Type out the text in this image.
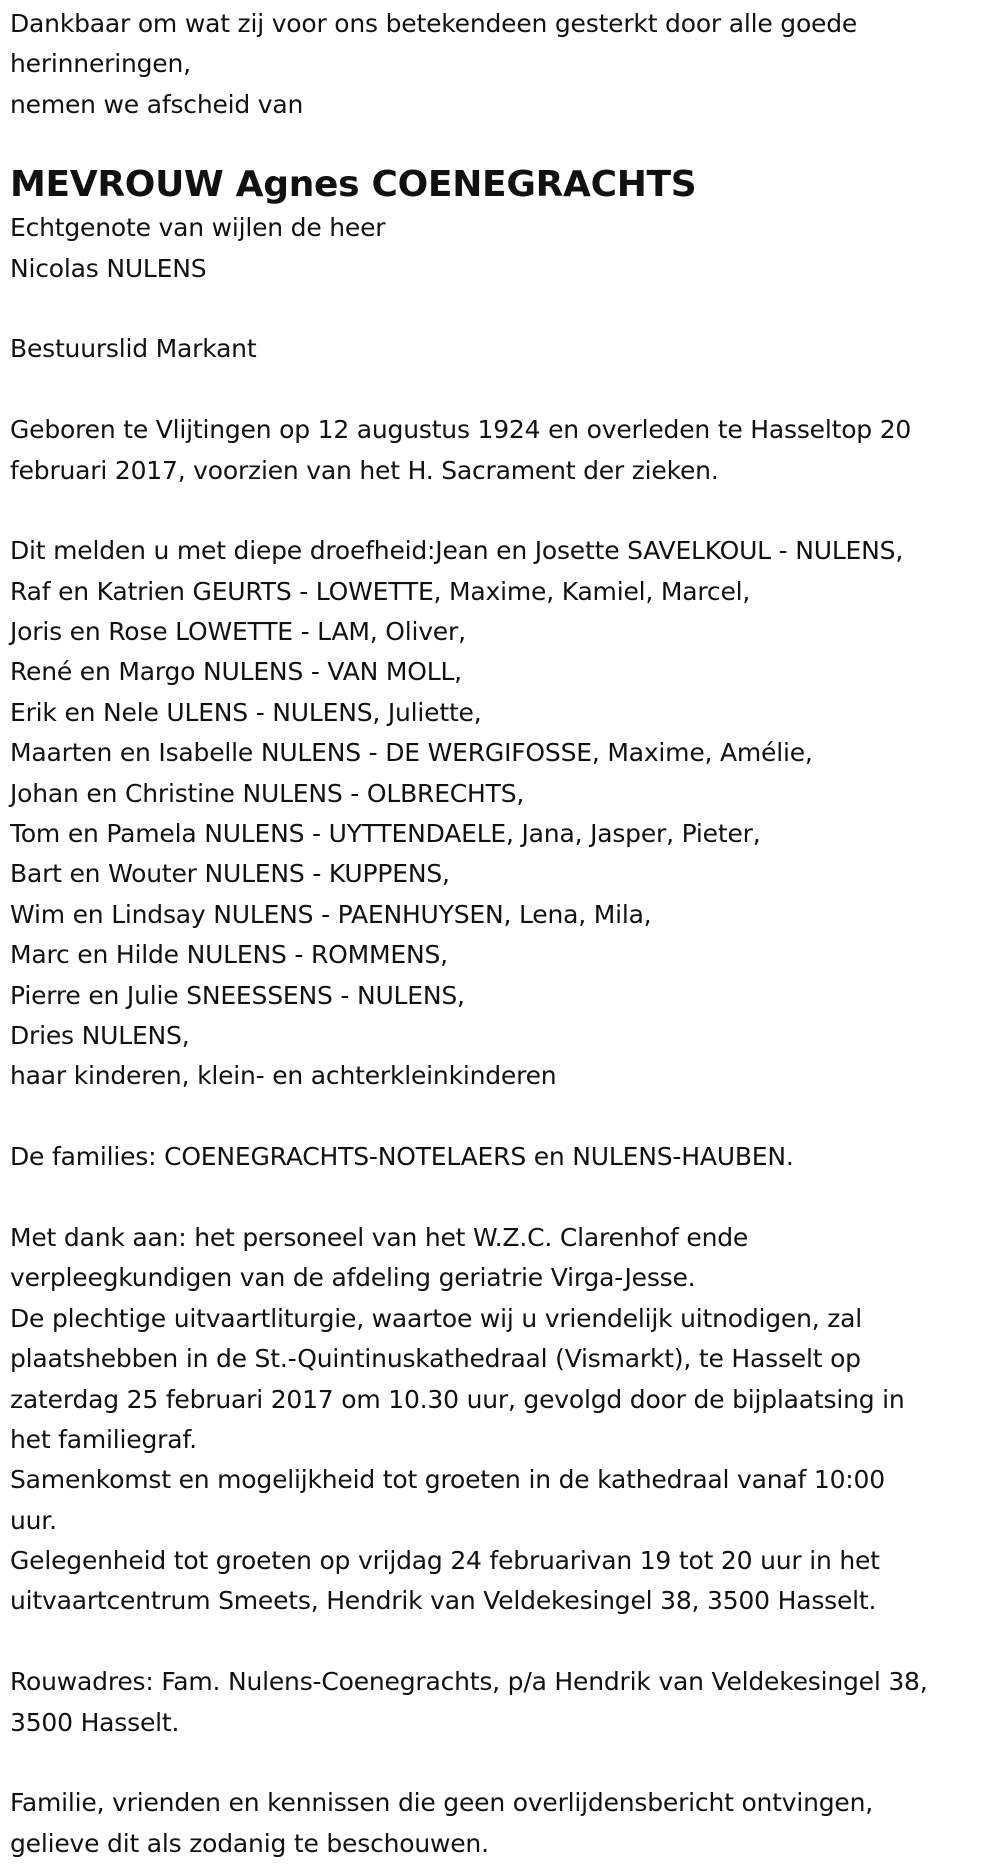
Dankbaar om wat zij voor ons betekendeen gesterkt door alle goede
herinneringen,
nemen we afscheid van
MEVROUW Agnes COENEGRACHTS
Echtgenote van wijlen de heer
Nicolas NULENS
Bestuurslid Markant
Geboren te Vlijtingen op 12 augustus 1924 en overleden te Hasseltop 20
februari 2017, voorzien van het H. Sacrament der zieken.
Dit melden u met diepe droefheid:Jean en Josette SAVELKOUL - NULENS,
Raf en Katrien GEURTS - LOWETTE, Maxime, Kamiel, Marcel,
Joris en Rose LOWETTE - LAM, Oliver,
René en Margo NULENS - VAN MOLL,
Erik en Nele ULENS - NULENS, Juliette,
Maarten en Isabelle NULENS - DE WERGIFOSSE, Maxime, Amélie,
Johan en Christine NULENS - OLBRECHTS,
Tom en Pamela NULENS - UYTTENDAELE, Jana, Jasper, Pieter,
Bart en Wouter NULENS - KUPPENS,
Wim en Lindsay NULENS - PAENHUYSEN, Lena, Mila,
Marc en Hilde NULENS - ROMMENS,
Pierre en Julie SNEESSENS - NULENS,
Dries NULENS,
haar kinderen, klein- en achterkleinkinderen
De families: COENEGRACHTS-NOTELAERS en NULENS-HAUBEN.
Met dank aan: het personeel van het W.Z.C. Clarenhof ende
verpleegkundigen van de afdeling geriatrie Virga-Jesse.
De plechtige uitvaartliturgie, waartoe wij u vriendelijk uitnodigen, zal
plaatshebben in de St.-Quintinuskathedraal (Vismarkt), te Hasselt op
zaterdag 25 februari 2017 om 10.30 uur, gevolgd door de bijplaatsing in
het familiegraf.
Samenkomst en mogelijkheid tot groeten in de kathedraal vanaf 10:00
uur.
Gelegenheid tot groeten op vrijdag 24 februarivan 19 tot 20 uur in het
uitvaartcentrum Smeets, Hendrik van Veldekesingel 38, 3500 Hasselt.
Rouwadres: Fam. Nulens-Coenegrachts, p/a Hendrik van Veldekesingel 38,
3500 Hasselt.
Familie, vrienden en kennissen die geen overlijdensbericht ontvingen,
gelieve dit als zodanig te beschouwen.
